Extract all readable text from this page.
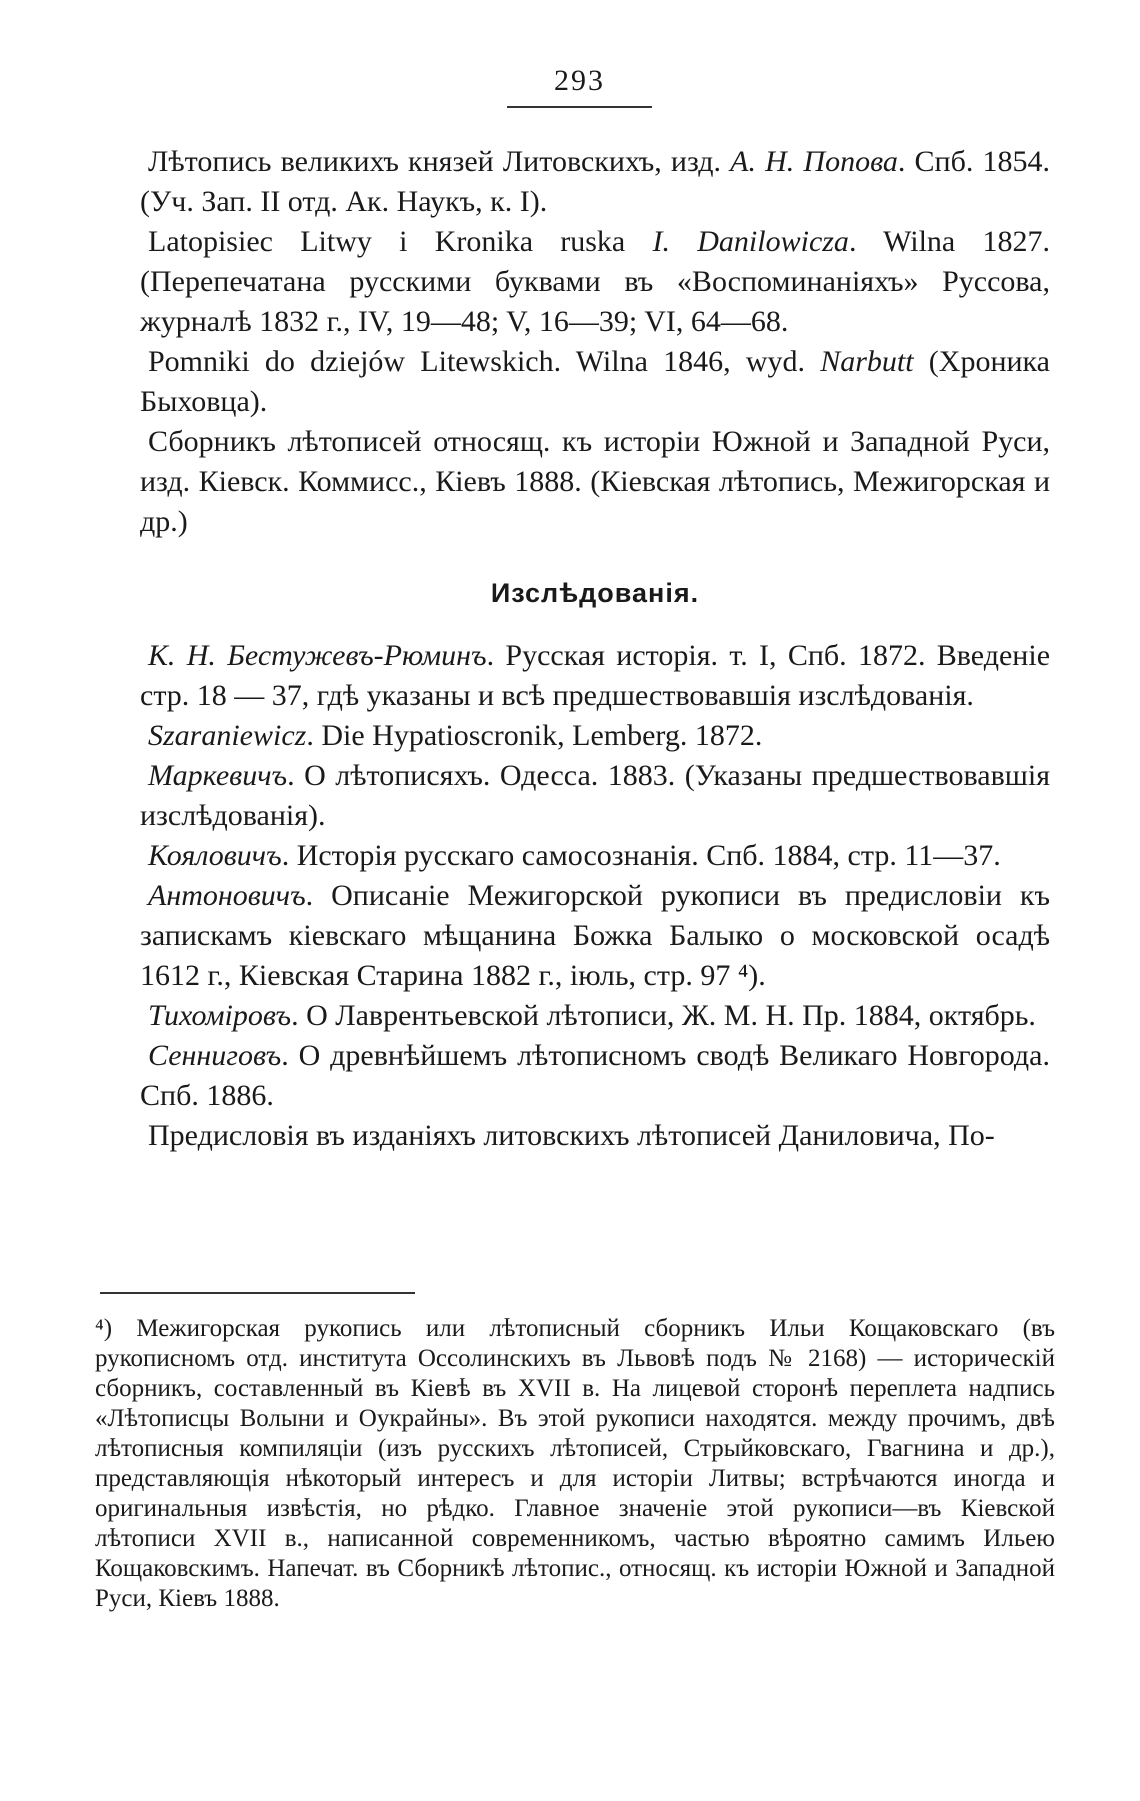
293

Лѣтопись великихъ князей Литовскихъ, изд. А. Н. Попова. Спб. 1854. (Уч. Зап. II отд. Ак. Наукъ, к. I).

Latopisiec Litwy i Kronika ruska I. Danilowicza. Wilna 1827. (Перепечатана русскими буквами въ «Воспоминаніяхъ» Руссова, журналѣ 1832 г., IV, 19—48; V, 16—39; VI, 64—68.

Pomniki do dziejów Litewskich. Wilna 1846, wyd. Narbutt (Хроника Быховца).

Сборникъ лѣтописей относящ. къ исторіи Южной и Западной Руси, изд. Кіевск. Коммисс., Кіевъ 1888. (Кіевская лѣтопись, Межигорская и др.)

Изслѣдованія.

К. Н. Бестужевъ-Рюминъ. Русская исторія. т. I, Спб. 1872. Введеніе стр. 18 — 37, гдѣ указаны и всѣ предшествовавшія изслѣдованія.

Szaraniewicz. Die Hypatioscronik, Lemberg. 1872.

Маркевичъ. О лѣтописяхъ. Одесса. 1883. (Указаны предшествовавшія изслѣдованія).

Кояловичъ. Исторія русскаго самосознанія. Спб. 1884, стр. 11—37.

Антоновичъ. Описаніе Межигорской рукописи въ предисловіи къ запискамъ кіевскаго мѣщанина Божка Балыко о московской осадѣ 1612 г., Кіевская Старина 1882 г., іюль, стр. 97 ⁴).

Тихоміровъ. О Лаврентьевской лѣтописи, Ж. М. Н. Пр. 1884, октябрь.

Сенниговъ. О древнѣйшемъ лѣтописномъ сводѣ Великаго Новгорода. Спб. 1886.

Предисловія въ изданіяхъ литовскихъ лѣтописей Даниловича, По-

⁴) Межигорская рукопись или лѣтописный сборникъ Ильи Кощаковскаго (въ рукописномъ отд. института Оссолинскихъ въ Львовѣ подъ № 2168) — историческій сборникъ, составленный въ Кіевѣ въ XVII в. На лицевой сторонѣ переплета надпись «Лѣтописцы Волыни и Оукрайны». Въ этой рукописи находятся. между прочимъ, двѣ лѣтописныя компиляціи (изъ русскихъ лѣтописей, Стрыйковскаго, Гвагнина и др.), представляющія нѣкоторый интересъ и для исторіи Литвы; встрѣчаются иногда и оригинальныя извѣстія, но рѣдко. Главное значеніе этой рукописи—въ Кіевской лѣтописи XVII в., написанной современникомъ, частью вѣроятно самимъ Ильею Кощаковскимъ. Напечат. въ Сборникѣ лѣтопис., относящ. къ исторіи Южной и Западной Руси, Кіевъ 1888.
